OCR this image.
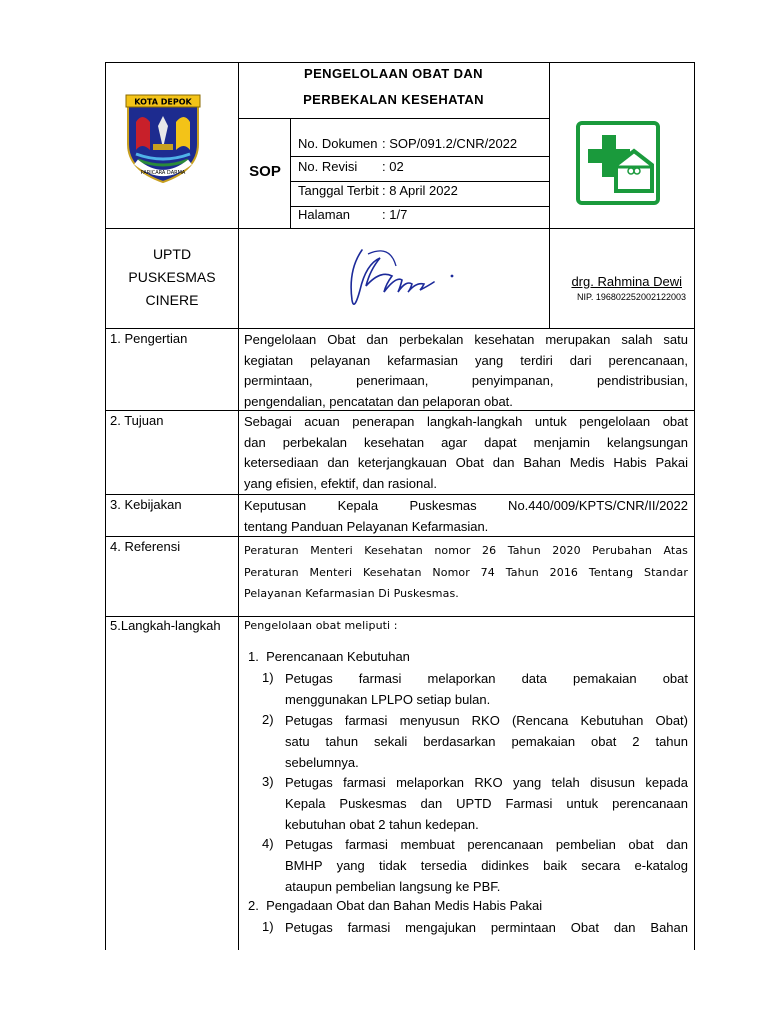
KOTA DEPOK
PARICARA DARMA
PENGELOLAAN OBAT DAN
PERBEKALAN KESEHATAN
SOP
No. Dokumen : SOP/091.2/CNR/2022
No. Revisi : 02
Tanggal Terbit : 8 April 2022
Halaman : 1/7
UPTD
PUSKESMAS
CINERE
drg. Rahmina Dewi
NIP. 196802252002122003
1. Pengertian	Pengelolaan Obat dan perbekalan kesehatan merupakan salah satu
kegiatan pelayanan kefarmasian yang terdiri dari perencanaan,
permintaan, penerimaan, penyimpanan, pendistribusian,
pengendalian, pencatatan dan pelaporan obat.
2. Tujuan	Sebagai acuan penerapan langkah-langkah untuk pengelolaan obat
dan perbekalan kesehatan agar dapat menjamin kelangsungan
ketersediaan dan keterjangkauan Obat dan Bahan Medis Habis Pakai
yang efisien, efektif, dan rasional.
3. Kebijakan	Keputusan Kepala Puskesmas No.440/009/KPTS/CNR/II/2022
tentang Panduan Pelayanan Kefarmasian.
4. Referensi	Peraturan Menteri Kesehatan nomor 26 Tahun 2020 Perubahan Atas
Peraturan Menteri Kesehatan Nomor 74 Tahun 2016 Tentang Standar
Pelayanan Kefarmasian Di Puskesmas.
5.Langkah-langkah Pengelolaan obat meliputi :
1.  Perencanaan Kebutuhan
1) Petugas farmasi melaporkan data pemakaian obat
menggunakan LPLPO setiap bulan.
2) Petugas farmasi menyusun RKO (Rencana Kebutuhan Obat)
satu tahun sekali berdasarkan pemakaian obat 2 tahun
sebelumnya.
3) Petugas farmasi melaporkan RKO yang telah disusun kepada
Kepala Puskesmas dan UPTD Farmasi untuk perencanaan
kebutuhan obat 2 tahun kedepan.
4) Petugas farmasi membuat perencanaan pembelian obat dan
BMHP yang tidak tersedia didinkes baik secara e-katalog
ataupun pembelian langsung ke PBF.
2.  Pengadaan Obat dan Bahan Medis Habis Pakai
1) Petugas farmasi mengajukan permintaan Obat dan Bahan
